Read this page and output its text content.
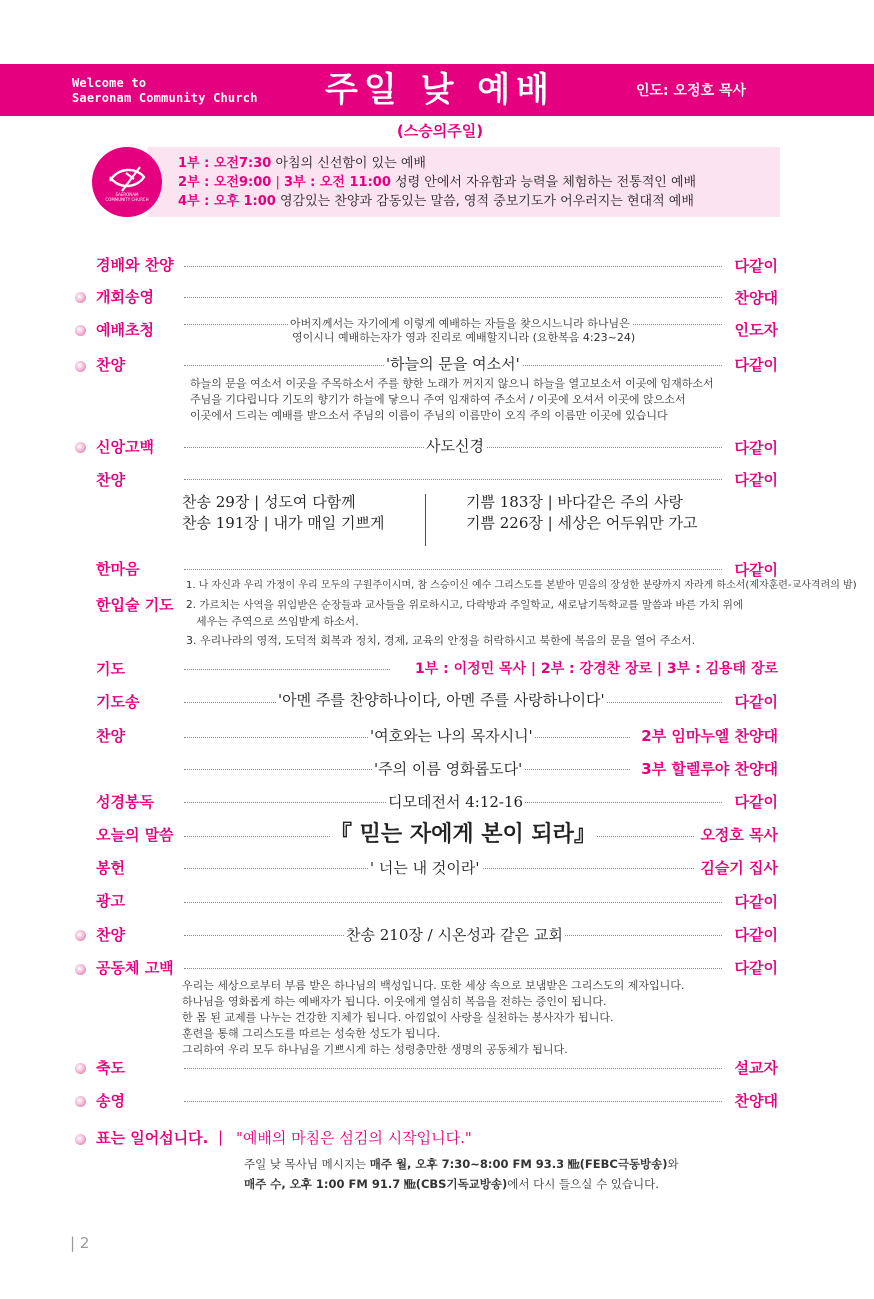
Welcome to
Saeronam Community Church 주일 낮 예배	인도: 오정호 목사
(스승의주일)
SAERONAM
COMMUNITY CHURCH
1부 : 오전7:30 아침의 신선함이 있는 예배
2부 : 오전9:00 | 3부 : 오전 11:00 성령 안에서 자유함과 능력을 체험하는 전통적인 예배
4부 : 오후 1:00 영감있는 찬양과 감동있는 말씀, 영적 중보기도가 어우러지는 현대적 예배
경배와 찬양	다같이
개회송영	찬양대
예배초청	아버지께서는 자기에게 이렇게 예배하는 자들을 찾으시느니라 하나님은
영이시니 예배하는자가 영과 진리로 예배할지니라 (요한복음 4:23~24)	인도자
찬양	'하늘의 문을 여소서'	다같이
하늘의 문을 여소서 이곳을 주목하소서 주를 향한 노래가 꺼지지 않으니 하늘을 열고보소서 이곳에 임재하소서
주님을 기다립니다 기도의 향기가 하늘에 닿으니 주여 임재하여 주소서 / 이곳에 오셔서 이곳에 앉으소서
이곳에서 드리는 예배를 받으소서 주님의 이름이 주님의 이름만이 오직 주의 이름만 이곳에 있습니다
신앙고백	사도신경	다같이
찬양	다같이
찬송 29장 | 성도여 다함께
찬송 191장 | 내가 매일 기쁘게
기쁨 183장 | 바다같은 주의 사랑
기쁨 226장 | 세상은 어두워만 가고
한마음	다같이
한입술 기도
1. 나 자신과 우리 가정이 우리 모두의 구원주이시며, 참 스승이신 예수 그리스도를 본받아 믿음의 장성한 분량까지 자라게 하소서(제자훈련-교사격려의 밤)
2. 가르치는 사역을 위임받은 순장들과 교사들을 위로하시고, 다락방과 주일학교, 새로남기독학교를 말씀과 바른 가치 위에
세우는 주역으로 쓰임받게 하소서.
3. 우리나라의 영적, 도덕적 회복과 정치, 경제, 교육의 안정을 허락하시고 북한에 복음의 문을 열어 주소서.
기도	1부 : 이정민 목사 | 2부 : 강경찬 장로 | 3부 : 김용태 장로
기도송	'아멘 주를 찬양하나이다, 아멘 주를 사랑하나이다'	다같이
찬양	'여호와는 나의 목자시니'	2부 임마누엘 찬양대
'주의 이름 영화롭도다'	3부 할렐루야 찬양대
성경봉독	디모데전서 4:12-16	다같이
오늘의 말씀	『 믿는 자에게 본이 되라』	오정호 목사
봉헌	' 너는 내 것이라'	김슬기 집사
광고	다같이
찬양	찬송 210장 / 시온성과 같은 교회	다같이
공동체 고백	다같이
우리는 세상으로부터 부름 받은 하나님의 백성입니다. 또한 세상 속으로 보냄받은 그리스도의 제자입니다.
하나님을 영화롭게 하는 예배자가 됩니다. 이웃에게 열심히 복음을 전하는 증인이 됩니다.
한 몸 된 교제를 나누는 건강한 지체가 됩니다. 아낌없이 사랑을 실천하는 봉사자가 됩니다.
훈련을 통해 그리스도를 따르는 성숙한 성도가 됩니다.
그리하여 우리 모두 하나님을 기쁘시게 하는 성령충만한 생명의 공동체가 됩니다.
축도	설교자
송영	찬양대
표는 일어섭니다. | "예배의 마침은 섬김의 시작입니다."
주일 낮 목사님 메시지는 매주 월, 오후 7:30~8:00 FM 93.3 ㎒(FEBC극동방송)와
매주 수, 오후 1:00 FM 91.7 ㎒(CBS기독교방송)에서 다시 들으실 수 있습니다.
| 2
